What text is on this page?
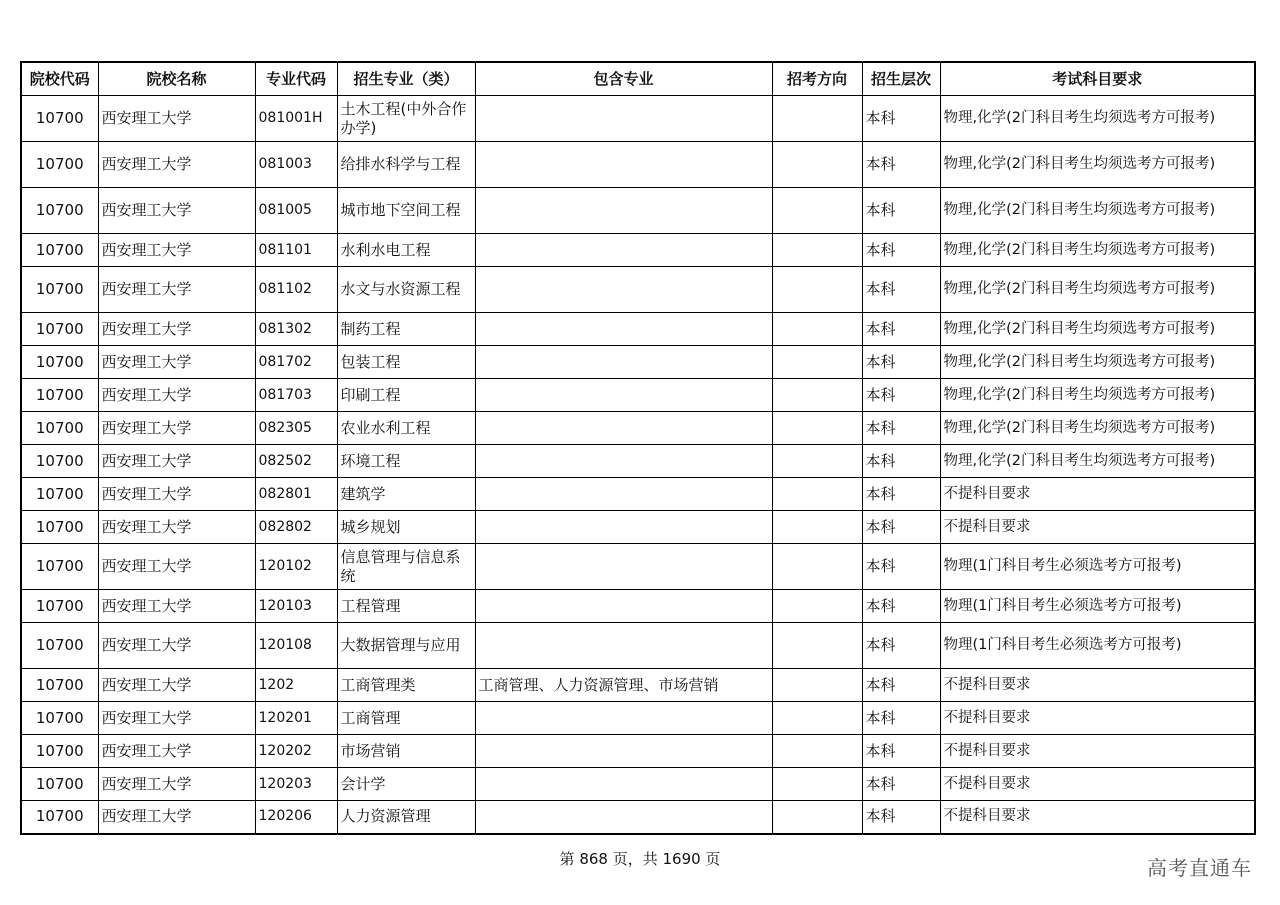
院校代码	院校名称	专业代码	招生专业（类）	包含专业	招考方向	招生层次	考试科目要求
10700	西安理工大学	081001H	土木工程(中外合作办学)			本科	物理,化学(2门科目考生均须选考方可报考)
10700	西安理工大学	081003	给排水科学与工程			本科	物理,化学(2门科目考生均须选考方可报考)
10700	西安理工大学	081005	城市地下空间工程			本科	物理,化学(2门科目考生均须选考方可报考)
10700	西安理工大学	081101	水利水电工程			本科	物理,化学(2门科目考生均须选考方可报考)
10700	西安理工大学	081102	水文与水资源工程			本科	物理,化学(2门科目考生均须选考方可报考)
10700	西安理工大学	081302	制药工程			本科	物理,化学(2门科目考生均须选考方可报考)
10700	西安理工大学	081702	包装工程			本科	物理,化学(2门科目考生均须选考方可报考)
10700	西安理工大学	081703	印刷工程			本科	物理,化学(2门科目考生均须选考方可报考)
10700	西安理工大学	082305	农业水利工程			本科	物理,化学(2门科目考生均须选考方可报考)
10700	西安理工大学	082502	环境工程			本科	物理,化学(2门科目考生均须选考方可报考)
10700	西安理工大学	082801	建筑学			本科	不提科目要求
10700	西安理工大学	082802	城乡规划			本科	不提科目要求
10700	西安理工大学	120102	信息管理与信息系统			本科	物理(1门科目考生必须选考方可报考)
10700	西安理工大学	120103	工程管理			本科	物理(1门科目考生必须选考方可报考)
10700	西安理工大学	120108	大数据管理与应用			本科	物理(1门科目考生必须选考方可报考)
10700	西安理工大学	1202	工商管理类	工商管理、人力资源管理、市场营销		本科	不提科目要求
10700	西安理工大学	120201	工商管理			本科	不提科目要求
10700	西安理工大学	120202	市场营销			本科	不提科目要求
10700	西安理工大学	120203	会计学			本科	不提科目要求
10700	西安理工大学	120206	人力资源管理			本科	不提科目要求
第 868 页，共 1690 页	高考直通车
